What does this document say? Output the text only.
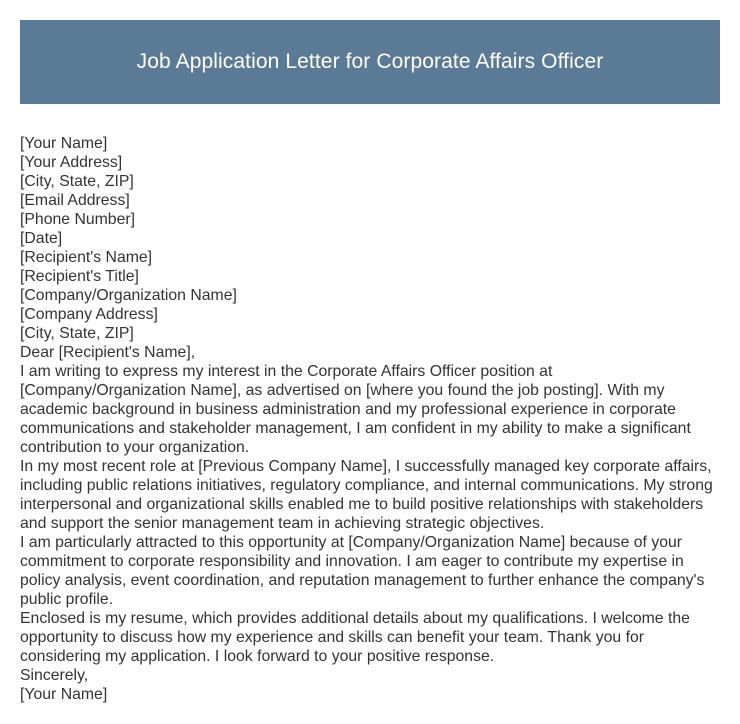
Job Application Letter for Corporate Affairs Officer
[Your Name]
[Your Address]
[City, State, ZIP]
[Email Address]
[Phone Number]
[Date]
[Recipient's Name]
[Recipient's Title]
[Company/Organization Name]
[Company Address]
[City, State, ZIP]
Dear [Recipient's Name],

I am writing to express my interest in the Corporate Affairs Officer position at [Company/Organization Name], as advertised on [where you found the job posting]. With my academic background in business administration and my professional experience in corporate communications and stakeholder management, I am confident in my ability to make a significant contribution to your organization.

In my most recent role at [Previous Company Name], I successfully managed key corporate affairs, including public relations initiatives, regulatory compliance, and internal communications. My strong interpersonal and organizational skills enabled me to build positive relationships with stakeholders and support the senior management team in achieving strategic objectives.

I am particularly attracted to this opportunity at [Company/Organization Name] because of your commitment to corporate responsibility and innovation. I am eager to contribute my expertise in policy analysis, event coordination, and reputation management to further enhance the company's public profile.

Enclosed is my resume, which provides additional details about my qualifications. I welcome the opportunity to discuss how my experience and skills can benefit your team. Thank you for considering my application. I look forward to your positive response.

Sincerely,
[Your Name]
